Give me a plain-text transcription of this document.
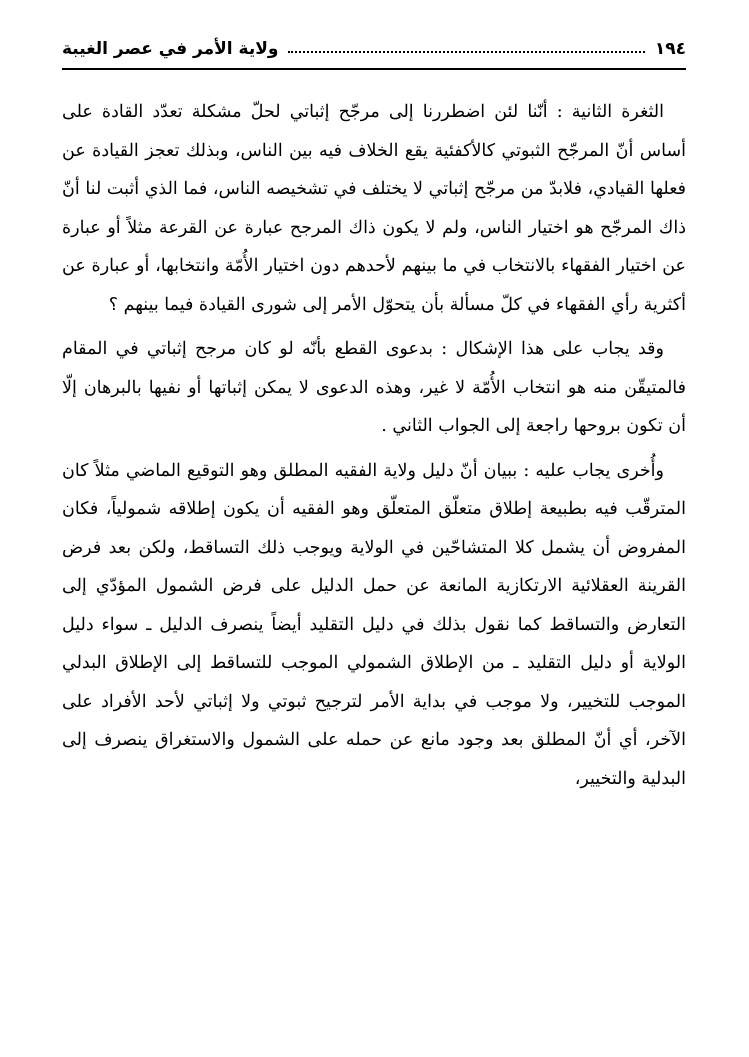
١٩٤
ولاية الأمر في عصر الغيبة

الثغرة الثانية : أنّنا لئن اضطررنا إلى مرجّح إثباتي لحلّ مشكلة تعدّد القادة على أساس أنّ المرجّح الثبوتي كالأكفئية يقع الخلاف فيه بين الناس، وبذلك تعجز القيادة عن فعلها القيادي، فلابدّ من مرجّح إثباتي لا يختلف في تشخيصه الناس، فما الذي أثبت لنا أنّ ذاك المرجّح هو اختيار الناس، ولم لا يكون ذاك المرجح عبارة عن القرعة مثلاً أو عبارة عن اختيار الفقهاء بالانتخاب في ما بينهم لأحدهم دون اختيار الأُمّة وانتخابها، أو عبارة عن أكثرية رأي الفقهاء في كلّ مسألة بأن يتحوّل الأمر إلى شورى القيادة فيما بينهم ؟

وقد يجاب على هذا الإشكال : بدعوى القطع بأنّه لو كان مرجح إثباتي في المقام فالمتيقّن منه هو انتخاب الأُمّة لا غير، وهذه الدعوى لا يمكن إثباتها أو نفيها بالبرهان إلّا أن تكون بروحها راجعة إلى الجواب الثاني .

وأُخرى يجاب عليه : ببيان أنّ دليل ولاية الفقيه المطلق وهو التوقيع الماضي مثلاً كان المترقّب فيه بطبيعة إطلاق متعلّق المتعلّق وهو الفقيه أن يكون إطلاقه شمولياً، فكان المفروض أن يشمل كلا المتشاحّين في الولاية ويوجب ذلك التساقط، ولكن بعد فرض القرينة العقلائية الارتكازية المانعة عن حمل الدليل على فرض الشمول المؤدّي إلى التعارض والتساقط كما نقول بذلك في دليل التقليد أيضاً ينصرف الدليل ـ سواء دليل الولاية أو دليل التقليد ـ من الإطلاق الشمولي الموجب للتساقط إلى الإطلاق البدلي الموجب للتخيير، ولا موجب في بداية الأمر لترجيح ثبوتي ولا إثباتي لأحد الأفراد على الآخر، أي أنّ المطلق بعد وجود مانع عن حمله على الشمول والاستغراق ينصرف إلى البدلية والتخيير،
